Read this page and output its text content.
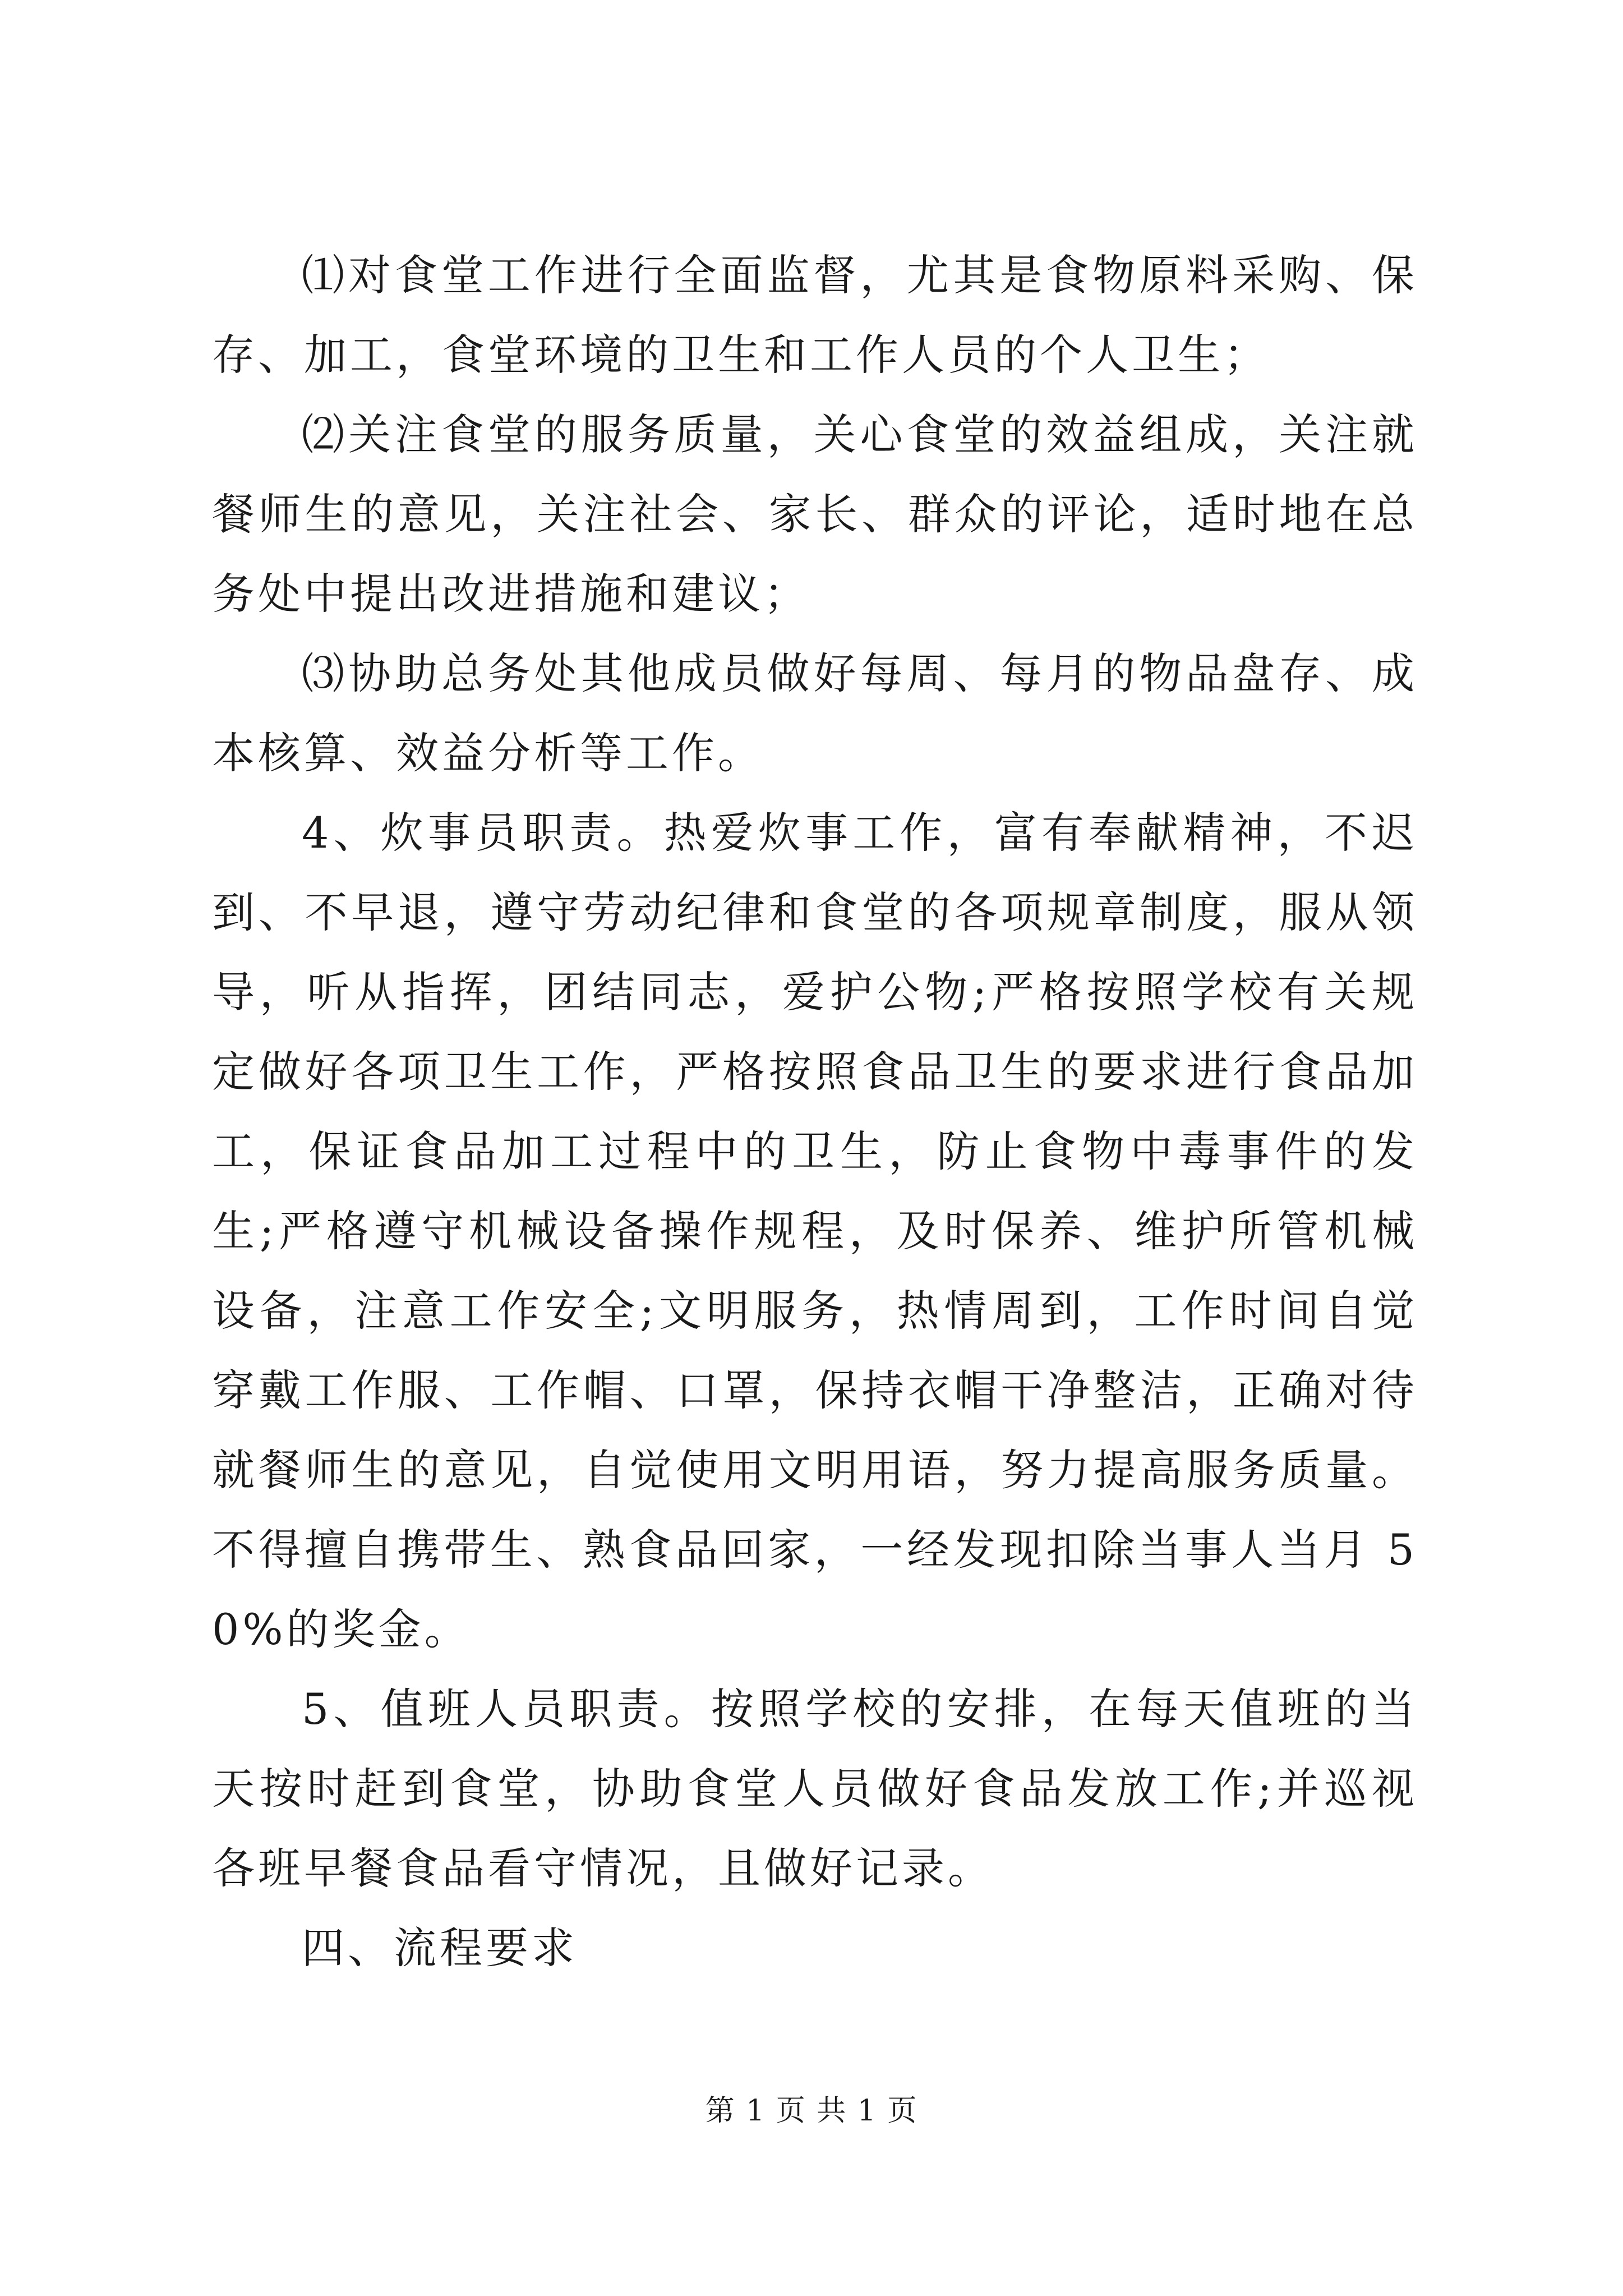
⑴对食堂工作进行全面监督，尤其是食物原料采购、保存、加工，食堂环境的卫生和工作人员的个人卫生；

⑵关注食堂的服务质量，关心食堂的效益组成，关注就餐师生的意见，关注社会、家长、群众的评论，适时地在总务处中提出改进措施和建议；

⑶协助总务处其他成员做好每周、每月的物品盘存、成本核算、效益分析等工作。

4、炊事员职责。热爱炊事工作，富有奉献精神，不迟到、不早退，遵守劳动纪律和食堂的各项规章制度，服从领导，听从指挥，团结同志，爱护公物;严格按照学校有关规定做好各项卫生工作，严格按照食品卫生的要求进行食品加工，保证食品加工过程中的卫生，防止食物中毒事件的发生;严格遵守机械设备操作规程，及时保养、维护所管机械设备，注意工作安全;文明服务，热情周到，工作时间自觉穿戴工作服、工作帽、口罩，保持衣帽干净整洁，正确对待就餐师生的意见，自觉使用文明用语，努力提高服务质量。不得擅自携带生、熟食品回家，一经发现扣除当事人当月 50%的奖金。

5、值班人员职责。按照学校的安排，在每天值班的当天按时赶到食堂，协助食堂人员做好食品发放工作;并巡视各班早餐食品看守情况，且做好记录。

四、流程要求

第 1 页 共 1 页
